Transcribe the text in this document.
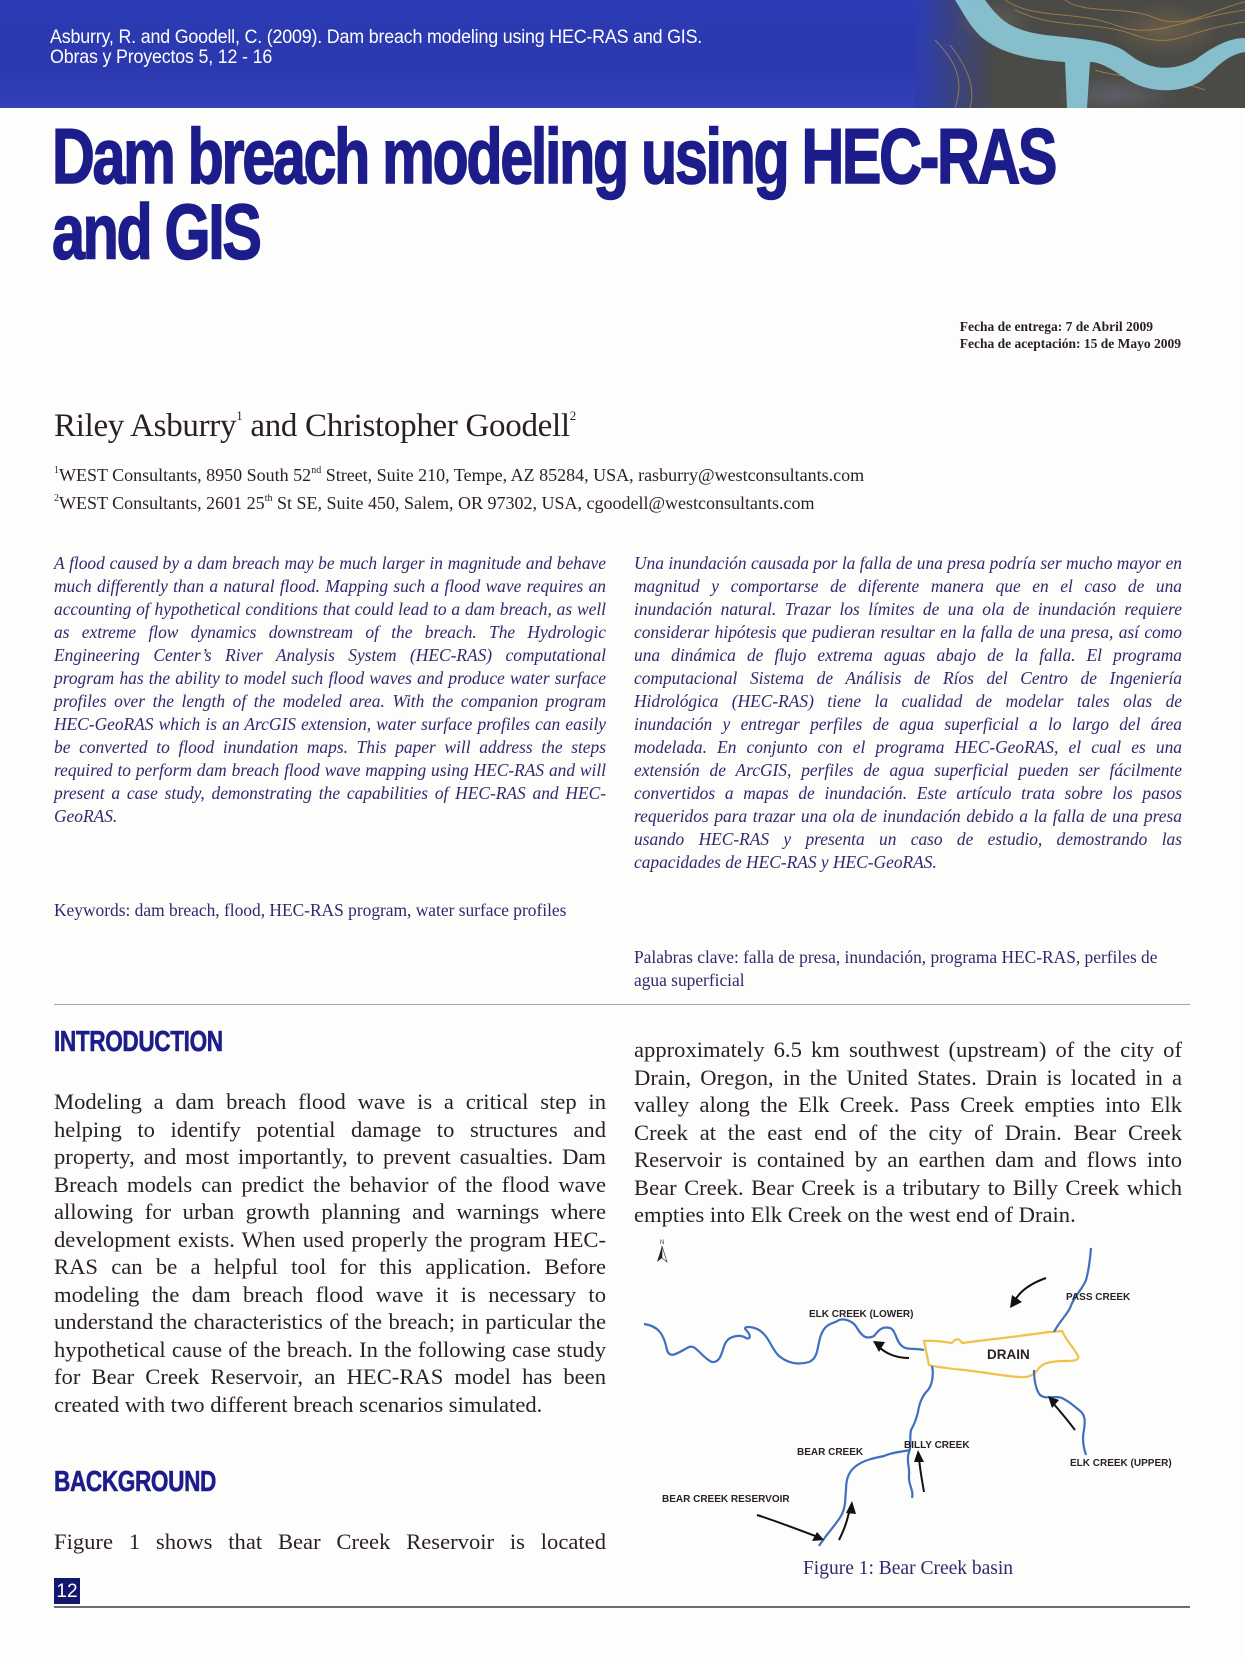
Asburry, R. and Goodell, C. (2009). Dam breach modeling using HEC-RAS and GIS.
Obras y Proyectos 5, 12 - 16
Dam breach modeling using HEC-RAS
and GIS
Fecha de entrega: 7 de Abril 2009
Fecha de aceptación: 15 de Mayo 2009
Riley Asburry$^1$ and Christopher Goodell$^2$
$^1$WEST Consultants, 8950 South 52nd Street, Suite 210, Tempe, AZ 85284, USA, rasburry@westconsultants.com
$^2$WEST Consultants, 2601 25th St SE, Suite 450, Salem, OR 97302, USA, cgoodell@westconsultants.com

A flood caused by a dam breach may be much larger in magnitude and behave much differently than a natural flood. Mapping such a flood wave requires an accounting of hypothetical conditions that could lead to a dam breach, as well as extreme flow dynamics downstream of the breach. The Hydrologic Engineering Center’s River Analysis System (HEC-RAS) computational program has the ability to model such flood waves and produce water surface profiles over the length of the modeled area. With the companion program HEC-GeoRAS which is an ArcGIS extension, water surface profiles can easily be converted to flood inundation maps. This paper will address the steps required to perform dam breach flood wave mapping using HEC-RAS and will present a case study, demonstrating the capabilities of HEC-RAS and HEC-GeoRAS.

Keywords: dam breach, flood, HEC-RAS program, water surface profiles

Una inundación causada por la falla de una presa podría ser mucho mayor en magnitud y comportarse de diferente manera que en el caso de una inundación natural. Trazar los límites de una ola de inundación requiere considerar hipótesis que pudieran resultar en la falla de una presa, así como una dinámica de flujo extrema aguas abajo de la falla. El programa computacional Sistema de Análisis de Ríos del Centro de Ingeniería Hidrológica (HEC-RAS) tiene la cualidad de modelar tales olas de inundación y entregar perfiles de agua superficial a lo largo del área modelada. En conjunto con el programa HEC-GeoRAS, el cual es una extensión de ArcGIS, perfiles de agua superficial pueden ser fácilmente convertidos a mapas de inundación. Este artículo trata sobre los pasos requeridos para trazar una ola de inundación debido a la falla de una presa usando HEC-RAS y presenta un caso de estudio, demostrando las capacidades de HEC-RAS y HEC-GeoRAS.

Palabras clave: falla de presa, inundación, programa HEC-RAS, perfiles de agua superficial

INTRODUCTION

Modeling a dam breach flood wave is a critical step in helping to identify potential damage to structures and property, and most importantly, to prevent casualties. Dam Breach models can predict the behavior of the flood wave allowing for urban growth planning and warnings where development exists. When used properly the program HEC-RAS can be a helpful tool for this application. Before modeling the dam breach flood wave it is necessary to understand the characteristics of the breach; in particular the hypothetical cause of the breach. In the following case study for Bear Creek Reservoir, an HEC-RAS model has been created with two different breach scenarios simulated.

BACKGROUND

Figure 1 shows that Bear Creek Reservoir is located

approximately 6.5 km southwest (upstream) of the city of Drain, Oregon, in the United States. Drain is located in a valley along the Elk Creek. Pass Creek empties into Elk Creek at the east end of the city of Drain. Bear Creek Reservoir is contained by an earthen dam and flows into Bear Creek. Bear Creek is a tributary to Billy Creek which empties into Elk Creek on the west end of Drain.

N
ELK CREEK (LOWER)
PASS CREEK
DRAIN
BILLY CREEK
BEAR CREEK
ELK CREEK (UPPER)
BEAR CREEK RESERVOIR
Figure 1: Bear Creek basin
12
